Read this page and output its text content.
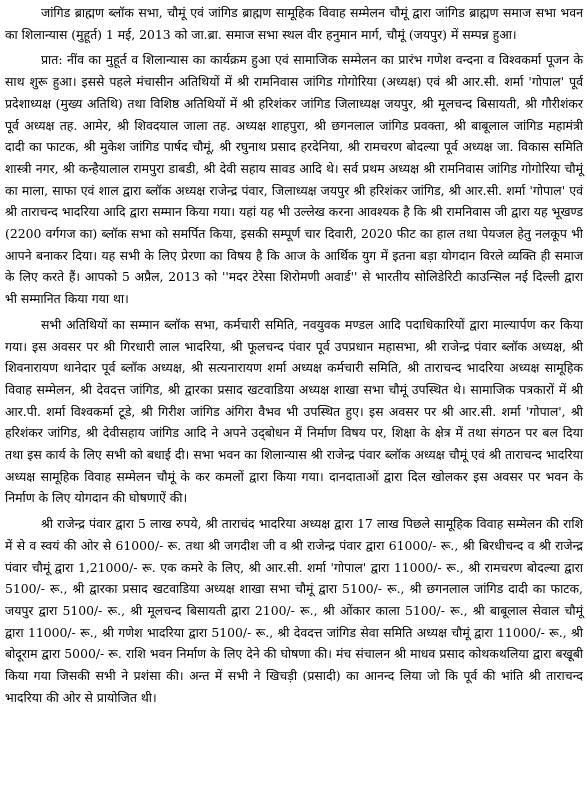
जांगिड ब्राह्मण ब्लॉक सभा, चौमूं एवं जांगिड ब्राह्मण सामूहिक विवाह सम्मेलन चौमूं द्वारा जांगिड ब्राह्मण समाज सभा भवन का शिलान्यास (मुहूर्त) 1 मई, 2013 को जा.ब्रा. समाज सभा स्थल वीर हनुमान मार्ग, चौमूं (जयपुर) में सम्पन्न हुआ।

प्रात: नींव का मुहूर्त व शिलान्यास का कार्यक्रम हुआ एवं सामाजिक सम्मेलन का प्रारंभ गणेश वन्दना व विश्वकर्मा पूजन के साथ शुरू हुआ। इससे पहले मंचासीन अतिथियों में श्री रामनिवास जांगिड गोगोरिया (अध्यक्ष) एवं श्री आर.सी. शर्मा 'गोपाल' पूर्व प्रदेशाध्यक्ष (मुख्य अतिथि) तथा विशिष्ठ अतिथियों में श्री हरिशंकर जांगिड जिलाध्यक्ष जयपुर, श्री मूलचन्द बिसायती, श्री गौरीशंकर पूर्व अध्यक्ष तह. आमेर, श्री शिवदयाल जाला तह. अध्यक्ष शाहपुरा, श्री छगनलाल जांगिड प्रवक्ता, श्री बाबूलाल जांगिड महामंत्री दादी का फाटक, श्री मुकेश जांगिड पार्षद चौमूं, श्री रघुनाथ प्रसाद हरदेनिया, श्री रामचरण बोदल्या पूर्व अध्यक्ष जा. विकास समिति शास्त्री नगर, श्री कन्हैयालाल रामपुरा डाबडी, श्री देवी सहाय सावड आदि थे। सर्व प्रथम अध्यक्ष श्री रामनिवास जांगिड गोगोरिया चौमूं का माला, साफा एवं शाल द्वारा ब्लॉक अध्यक्ष राजेन्द्र पंवार, जिलाध्यक्ष जयपुर श्री हरिशंकर जांगिड, श्री आर.सी. शर्मा 'गोपाल' एवं श्री ताराचन्द भादरिया आदि द्वारा सम्मान किया गया। यहां यह भी उल्लेख करना आवश्यक है कि श्री रामनिवास जी द्वारा यह भूखण्ड (2200 वर्गगज का) ब्लॉक सभा को समर्पित किया, इसकी सम्पूर्ण चार दिवारी, 2020 फीट का हाल तथा पेयजल हेतु नलकूप भी आपने बनाकर दिया। यह सभी के लिए प्रेरणा का विषय है कि आज के आर्थिक युग में इतना बड़ा योगदान विरले व्यक्ति ही समाज के लिए करते हैं। आपको 5 अप्रैल, 2013 को ''मदर टेरेसा शिरोमणी अवार्ड'' से भारतीय सोलिडेरिटी काउन्सिल नई दिल्ली द्वारा भी सम्मानित किया गया था।

सभी अतिथियों का सम्मान ब्लॉक सभा, कर्मचारी समिति, नवयुवक मण्डल आदि पदाधिकारियों द्वारा माल्यार्पण कर किया गया। इस अवसर पर श्री गिरधारी लाल भादरिया, श्री फूलचन्द पंवार पूर्व उपप्रधान महासभा, श्री राजेन्द्र पंवार ब्लॉक अध्यक्ष, श्री शिवनारायण थानेदार पूर्व ब्लॉक अध्यक्ष, श्री सत्यनारायण शर्मा अध्यक्ष कर्मचारी समिति, श्री ताराचन्द भादरिया अध्यक्ष सामूहिक विवाह सम्मेलन, श्री देवदत्त जांगिड, श्री द्वारका प्रसाद खटवाडिया अध्यक्ष शाखा सभा चौमूं उपस्थित थे। सामाजिक पत्रकारों में श्री आर.पी. शर्मा विश्वकर्मा टूडे, श्री गिरीश जांगिड अंगिरा वैभव भी उपस्थित हुए। इस अवसर पर श्री आर.सी. शर्मा 'गोपाल', श्री हरिशंकर जांगिड, श्री देवीसहाय जांगिड आदि ने अपने उद्‌बोधन में निर्माण विषय पर, शिक्षा के क्षेत्र में तथा संगठन पर बल दिया तथा इस कार्य के लिए सभी को बधाई दी। सभा भवन का शिलान्यास श्री राजेन्द्र पंवार ब्लॉक अध्यक्ष चौमूं एवं श्री ताराचन्द भादरिया अध्यक्ष सामूहिक विवाह सम्मेलन चौमूं के कर कमलों द्वारा किया गया। दानदाताओं द्वारा दिल खोलकर इस अवसर पर भवन के निर्माण के लिए योगदान की घोषणाऐं की।

श्री राजेन्द्र पंवार द्वारा 5 लाख रुपये, श्री ताराचंद भादरिया अध्यक्ष द्वारा 17 लाख पिछले सामूहिक विवाह सम्मेलन की राशि में से व स्वयं की ओर से 61000/- रू. तथा श्री जगदीश जी व श्री राजेन्द्र पंवार द्वारा 61000/- रू., श्री बिरधीचन्द व श्री राजेन्द्र पंवार चौमूं द्वारा 1,21000/- रू. एक कमरे के लिए, श्री आर.सी. शर्मा 'गोपाल' द्वारा 11000/- रू., श्री रामचरण बोदल्या द्वारा 5100/- रू., श्री द्वारका प्रसाद खटवाडिया अध्यक्ष शाखा सभा चौमूं द्वारा 5100/- रू., श्री छगनलाल जांगिड दादी का फाटक, जयपुर द्वारा 5100/- रू., श्री मूलचन्द बिसायती द्वारा 2100/- रू., श्री ओंकार काला 5100/- रू., श्री बाबूलाल सेवाल चौमूं द्वारा 11000/- रू., श्री गणेश भादरिया द्वारा 5100/- रू., श्री देवदत्त जांगिड सेवा समिति अध्यक्ष चौमूं द्वारा 11000/- रू., श्री बोदूराम द्वारा 5000/- रू. राशि भवन निर्माण के लिए देने की घोषणा की। मंच संचालन श्री माधव प्रसाद कोथकथलिया द्वारा बखूबी किया गया जिसकी सभी ने प्रशंसा की। अन्त में सभी ने खिचड़ी (प्रसादी) का आनन्द लिया जो कि पूर्व की भांति श्री ताराचन्द भादरिया की ओर से प्रायोजित थी।
